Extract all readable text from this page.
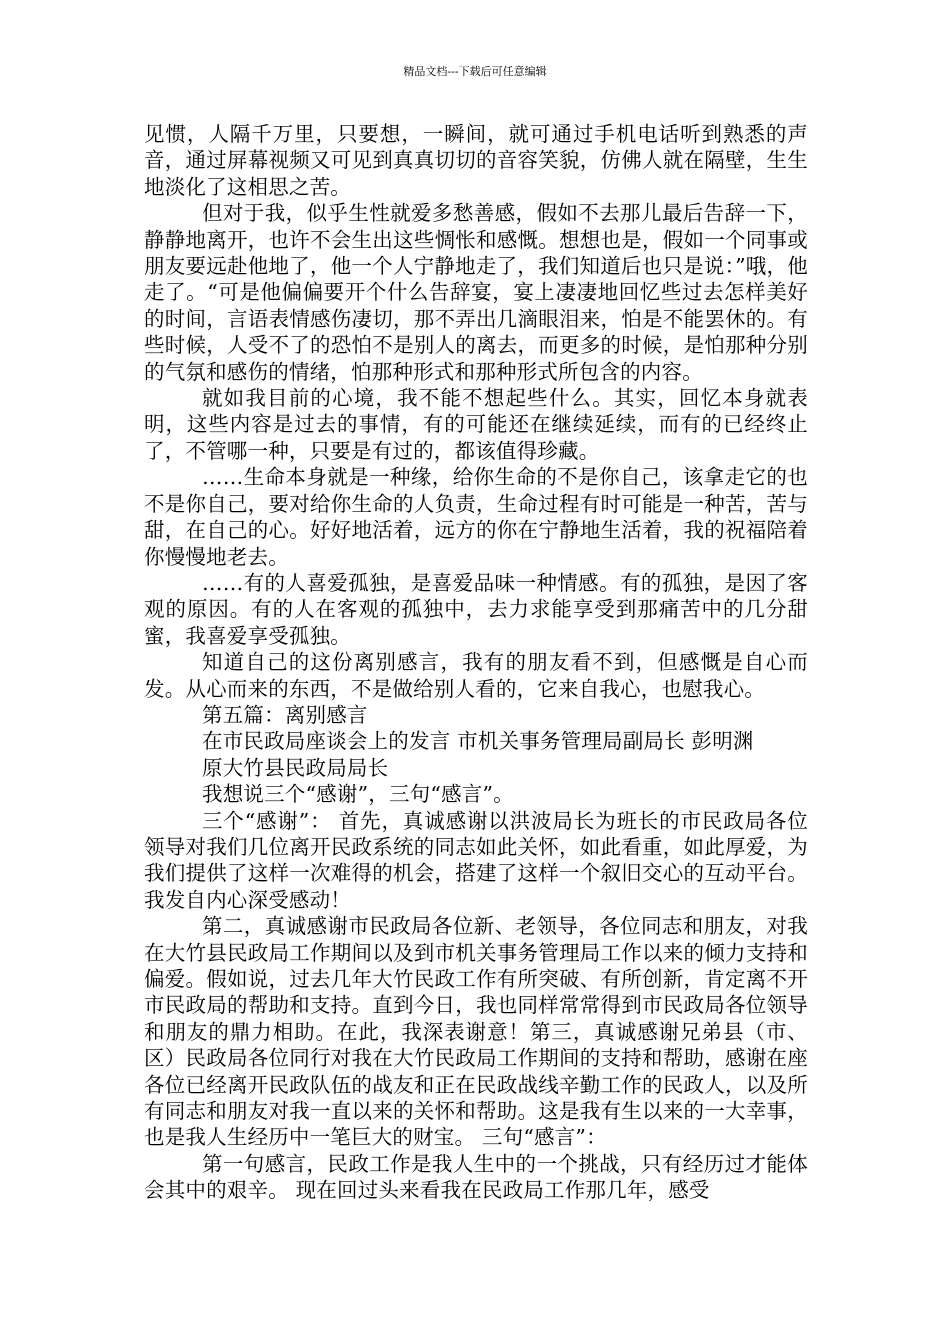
精品文档---下载后可任意编辑

见惯，人隔千万里，只要想，一瞬间，就可通过手机电话听到熟悉的声音，通过屏幕视频又可见到真真切切的音容笑貌，仿佛人就在隔壁，生生地淡化了这相思之苦。

但对于我，似乎生性就爱多愁善感，假如不去那儿最后告辞一下，静静地离开，也许不会生出这些惆怅和感慨。想想也是，假如一个同事或朋友要远赴他地了，他一个人宁静地走了，我们知道后也只是说：”哦，他走了。“可是他偏偏要开个什么告辞宴，宴上凄凄地回忆些过去怎样美好的时间，言语表情感伤凄切，那不弄出几滴眼泪来，怕是不能罢休的。有些时候，人受不了的恐怕不是别人的离去，而更多的时候，是怕那种分别的气氛和感伤的情绪，怕那种形式和那种形式所包含的内容。

就如我目前的心境，我不能不想起些什么。其实，回忆本身就表明，这些内容是过去的事情，有的可能还在继续延续，而有的已经终止了，不管哪一种，只要是有过的，都该值得珍藏。

……生命本身就是一种缘，给你生命的不是你自己，该拿走它的也不是你自己，要对给你生命的人负责，生命过程有时可能是一种苦，苦与甜，在自己的心。好好地活着，远方的你在宁静地生活着，我的祝福陪着你慢慢地老去。

……有的人喜爱孤独，是喜爱品味一种情感。有的孤独，是因了客观的原因。有的人在客观的孤独中，去力求能享受到那痛苦中的几分甜蜜，我喜爱享受孤独。

知道自己的这份离别感言，我有的朋友看不到，但感慨是自心而发。从心而来的东西，不是做给别人看的，它来自我心，也慰我心。

第五篇：离别感言

在市民政局座谈会上的发言 市机关事务管理局副局长 彭明渊

原大竹县民政局局长

我想说三个“感谢”，三句“感言”。

三个“感谢”： 首先，真诚感谢以洪波局长为班长的市民政局各位领导对我们几位离开民政系统的同志如此关怀，如此看重，如此厚爱，为我们提供了这样一次难得的机会，搭建了这样一个叙旧交心的互动平台。我发自内心深受感动！

第二，真诚感谢市民政局各位新、老领导，各位同志和朋友，对我在大竹县民政局工作期间以及到市机关事务管理局工作以来的倾力支持和偏爱。假如说，过去几年大竹民政工作有所突破、有所创新，肯定离不开市民政局的帮助和支持。直到今日，我也同样常常得到市民政局各位领导和朋友的鼎力相助。在此，我深表谢意！第三，真诚感谢兄弟县（市、区）民政局各位同行对我在大竹民政局工作期间的支持和帮助，感谢在座各位已经离开民政队伍的战友和正在民政战线辛勤工作的民政人，以及所有同志和朋友对我一直以来的关怀和帮助。这是我有生以来的一大幸事，也是我人生经历中一笔巨大的财宝。 三句“感言”：

第一句感言，民政工作是我人生中的一个挑战，只有经历过才能体会其中的艰辛。 现在回过头来看我在民政局工作那几年，感受
